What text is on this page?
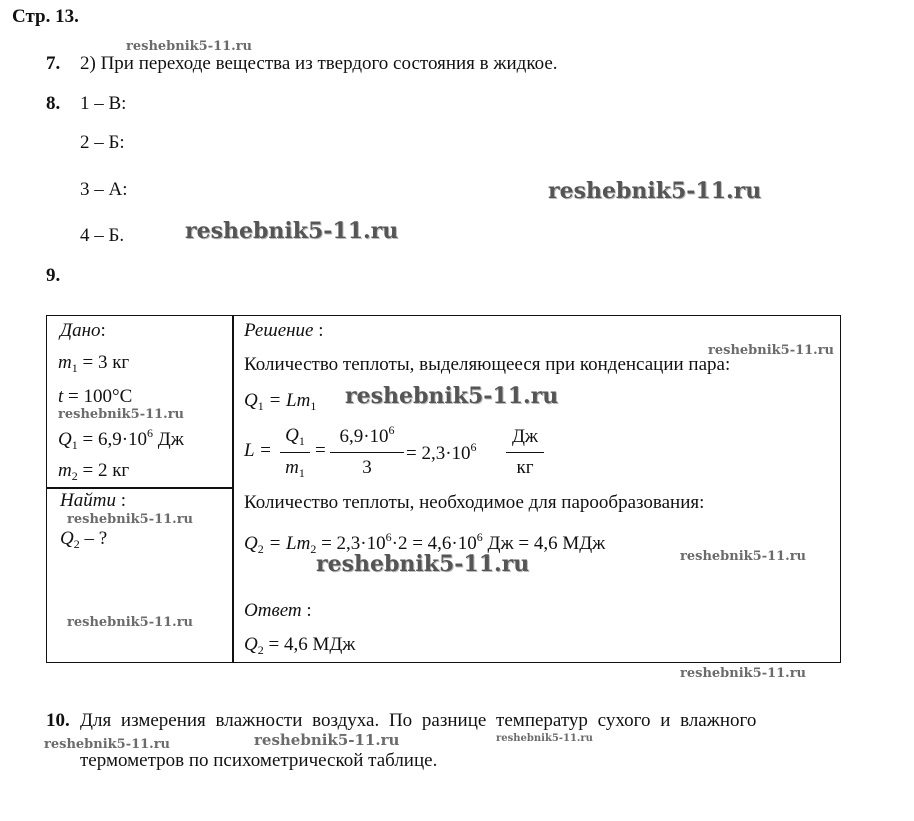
Стр. 13.
reshebnik5-11.ru
reshebnik5-11.ru
reshebnik5-11.ru
reshebnik5-11.ru
reshebnik5-11.ru
reshebnik5-11.ru
reshebnik5-11.ru
reshebnik5-11.ru
reshebnik5-11.ru
reshebnik5-11.ru
reshebnik5-11.ru
reshebnik5-11.ru	reshebnik5-11.ru	reshebnik5-11.ru
7. 2) При переходе вещества из твердого состояния в жидкое.
8. 1 – В:
2 – Б:
3 – А:
4 – Б.
9.
Дано:
$m_1 = 3$ кг
t = 100°C
$Q_1 = 6,9\cdot 10^6$ Дж
$m_2 = 2$ кг
Найти :
$Q_2$ – ?
Решение :
Количество теплоты, выделяющееся при конденсации пара:
$Q_1 = Lm_1$
L =
$Q_1$
$m_1$
=
$6,9\cdot 10^6$
3
= $2,3\cdot 10^6$	Дж
кг
Количество теплоты, необходимое для парообразования:
$Q_2 = Lm_2 = 2,3\cdot 10^6\cdot 2 = 4,6\cdot 10^6$ Дж = 4,6 МДж
Ответ :
$Q_2 = 4,6$ МДж
10. Для измерения влажности воздуха. По разнице температур сухого и влажного
термометров по психометрической таблице.
